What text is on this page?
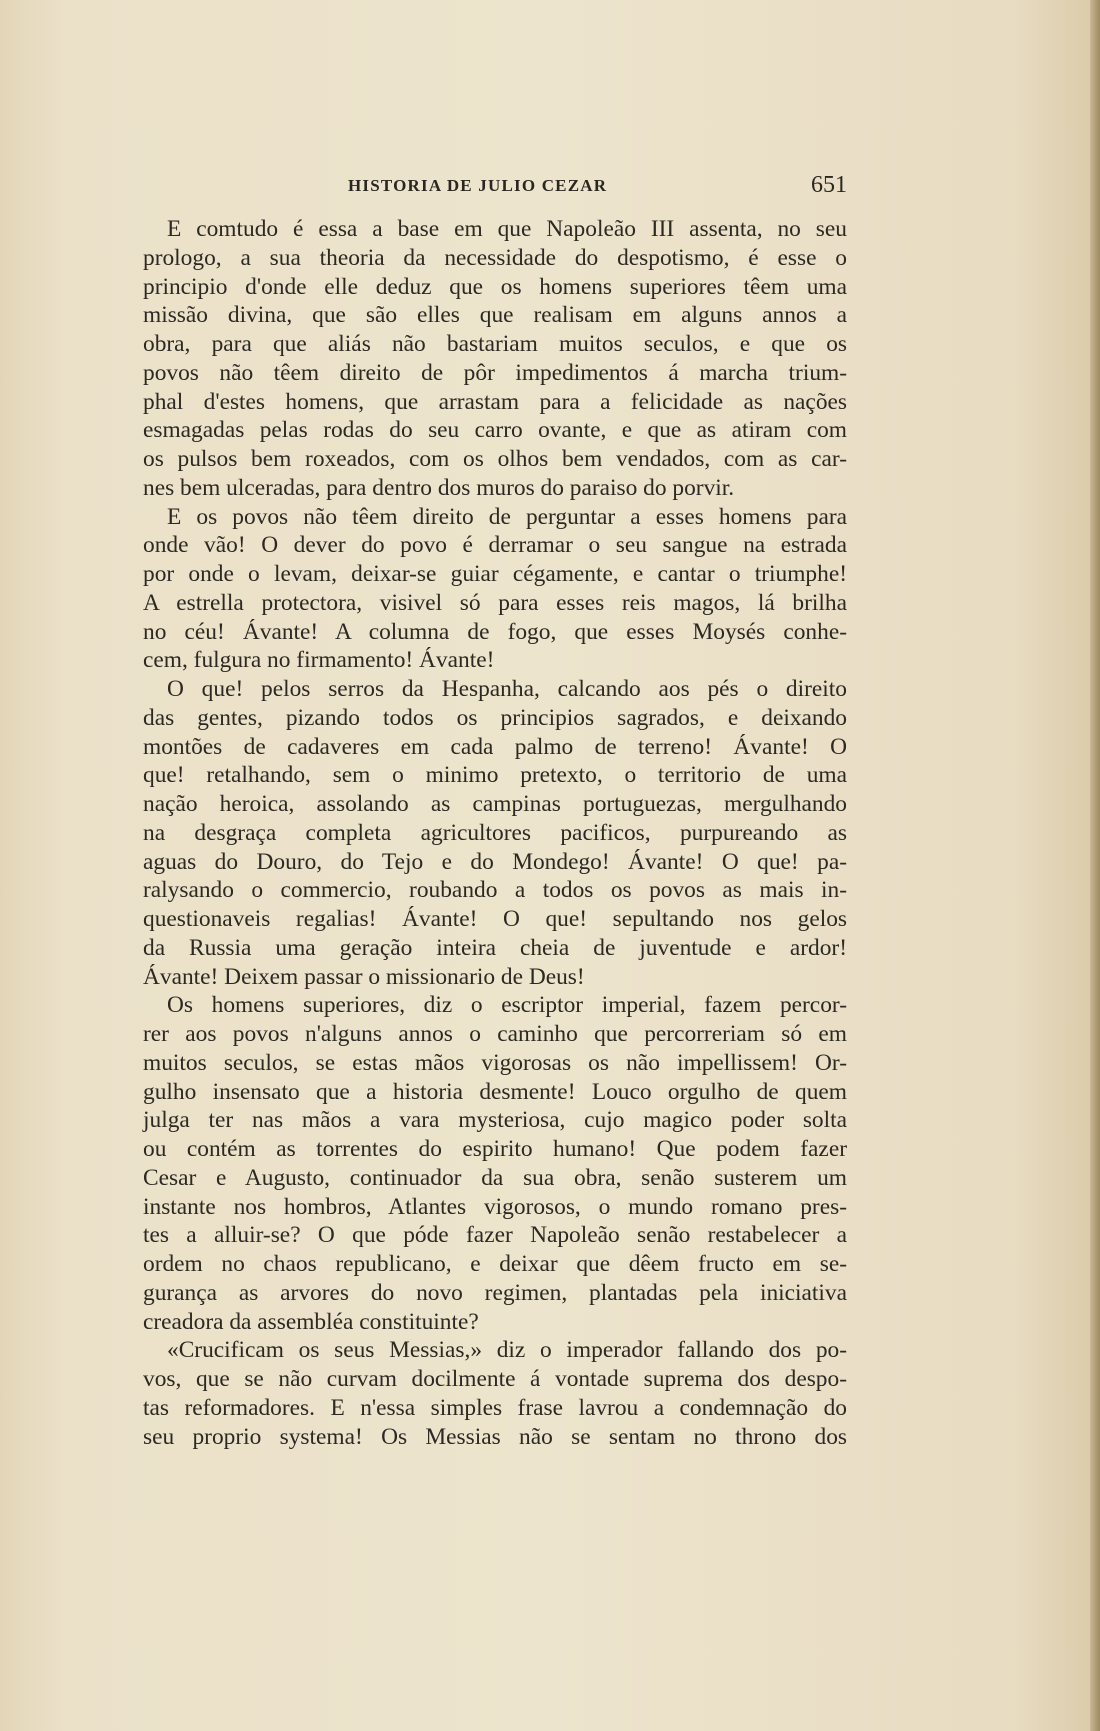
HISTORIA DE JULIO CEZAR	651
E comtudo é essa a base em que Napoleão III assenta, no seu
prologo, a sua theoria da necessidade do despotismo, é esse o
principio d'onde elle deduz que os homens superiores têem uma
missão divina, que são elles que realisam em alguns annos a
obra, para que aliás não bastariam muitos seculos, e que os
povos não têem direito de pôr impedimentos á marcha trium-
phal d'estes homens, que arrastam para a felicidade as nações
esmagadas pelas rodas do seu carro ovante, e que as atiram com
os pulsos bem roxeados, com os olhos bem vendados, com as car-
nes bem ulceradas, para dentro dos muros do paraiso do porvir.
E os povos não têem direito de perguntar a esses homens para
onde vão! O dever do povo é derramar o seu sangue na estrada
por onde o levam, deixar-se guiar cégamente, e cantar o triumphe!
A estrella protectora, visivel só para esses reis magos, lá brilha
no céu! Ávante! A columna de fogo, que esses Moysés conhe-
cem, fulgura no firmamento! Ávante!
O que! pelos serros da Hespanha, calcando aos pés o direito
das gentes, pizando todos os principios sagrados, e deixando
montões de cadaveres em cada palmo de terreno! Ávante! O
que! retalhando, sem o minimo pretexto, o territorio de uma
nação heroica, assolando as campinas portuguezas, mergulhando
na desgraça completa agricultores pacificos, purpureando as
aguas do Douro, do Tejo e do Mondego! Ávante! O que! pa-
ralysando o commercio, roubando a todos os povos as mais in-
questionaveis regalias! Ávante! O que! sepultando nos gelos
da Russia uma geração inteira cheia de juventude e ardor!
Ávante! Deixem passar o missionario de Deus!
Os homens superiores, diz o escriptor imperial, fazem percor-
rer aos povos n'alguns annos o caminho que percorreriam só em
muitos seculos, se estas mãos vigorosas os não impellissem! Or-
gulho insensato que a historia desmente! Louco orgulho de quem
julga ter nas mãos a vara mysteriosa, cujo magico poder solta
ou contém as torrentes do espirito humano! Que podem fazer
Cesar e Augusto, continuador da sua obra, senão susterem um
instante nos hombros, Atlantes vigorosos, o mundo romano pres-
tes a alluir-se? O que póde fazer Napoleão senão restabelecer a
ordem no chaos republicano, e deixar que dêem fructo em se-
gurança as arvores do novo regimen, plantadas pela iniciativa
creadora da assembléa constituinte?
«Crucificam os seus Messias,» diz o imperador fallando dos po-
vos, que se não curvam docilmente á vontade suprema dos despo-
tas reformadores. E n'essa simples frase lavrou a condemnação do
seu proprio systema! Os Messias não se sentam no throno dos
